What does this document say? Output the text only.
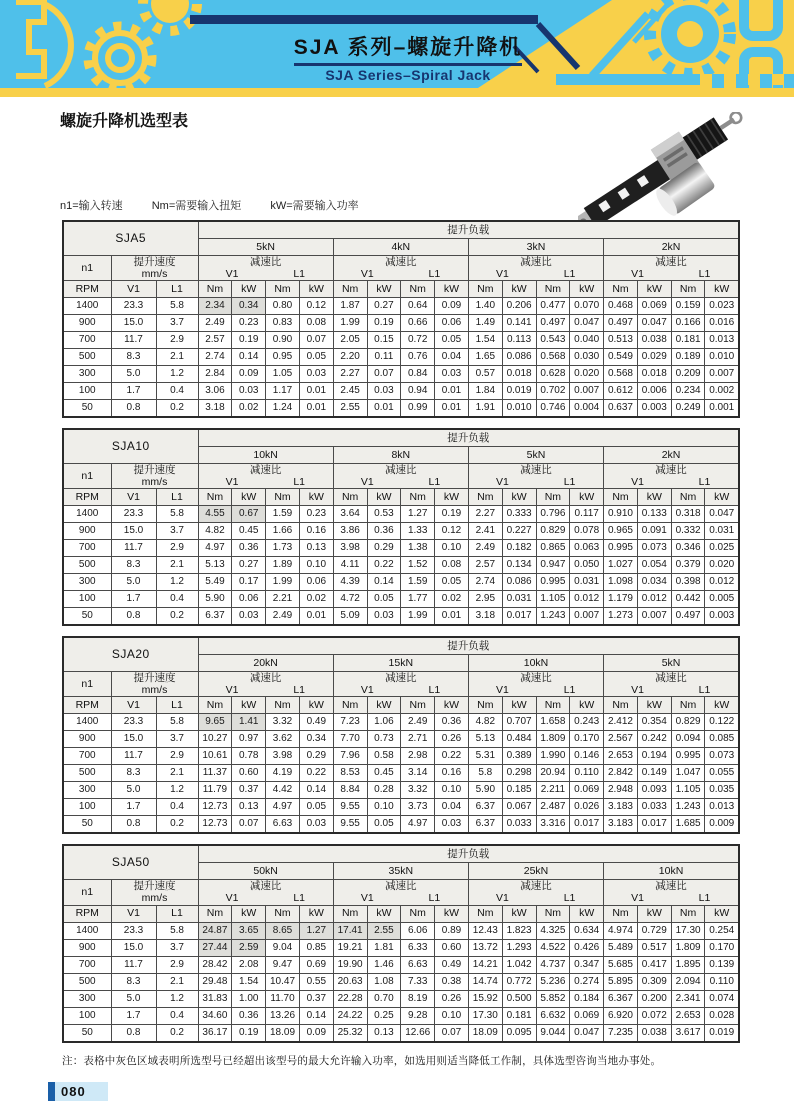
SJA 系列–螺旋升降机
SJA Series–Spiral Jack
螺旋升降机选型表
n1=输入转速	Nm=需要输入扭矩	kW=需要输入功率
SJA5			提升负载															
			5kN				4kN				3kN				2kN			
n1	
提升速度
mm/s

减速比
V1	L1

减速比
V1	L1

减速比
V1	L1

减速比
V1	L1

RPM	V1	L1	Nm	kW	Nm	kW	Nm	kW	Nm	kW	Nm	kW	Nm	kW	Nm	kW	Nm	kW
1400	23.3	5.8	2.34	0.34	0.80	0.12	1.87	0.27	0.64	0.09	1.40	0.206	0.477	0.070	0.468	0.069	0.159	0.023
900	15.0	3.7	2.49	0.23	0.83	0.08	1.99	0.19	0.66	0.06	1.49	0.141	0.497	0.047	0.497	0.047	0.166	0.016
700	11.7	2.9	2.57	0.19	0.90	0.07	2.05	0.15	0.72	0.05	1.54	0.113	0.543	0.040	0.513	0.038	0.181	0.013
500	8.3	2.1	2.74	0.14	0.95	0.05	2.20	0.11	0.76	0.04	1.65	0.086	0.568	0.030	0.549	0.029	0.189	0.010
300	5.0	1.2	2.84	0.09	1.05	0.03	2.27	0.07	0.84	0.03	0.57	0.018	0.628	0.020	0.568	0.018	0.209	0.007
100	1.7	0.4	3.06	0.03	1.17	0.01	2.45	0.03	0.94	0.01	1.84	0.019	0.702	0.007	0.612	0.006	0.234	0.002
50	0.8	0.2	3.18	0.02	1.24	0.01	2.55	0.01	0.99	0.01	1.91	0.010	0.746	0.004	0.637	0.003	0.249	0.001
SJA10			提升负载															
			10kN				8kN				5kN				2kN			
n1	
提升速度
mm/s

减速比
V1	L1

减速比
V1	L1

减速比
V1	L1

减速比
V1	L1

RPM	V1	L1	Nm	kW	Nm	kW	Nm	kW	Nm	kW	Nm	kW	Nm	kW	Nm	kW	Nm	kW
1400	23.3	5.8	4.55	0.67	1.59	0.23	3.64	0.53	1.27	0.19	2.27	0.333	0.796	0.117	0.910	0.133	0.318	0.047
900	15.0	3.7	4.82	0.45	1.66	0.16	3.86	0.36	1.33	0.12	2.41	0.227	0.829	0.078	0.965	0.091	0.332	0.031
700	11.7	2.9	4.97	0.36	1.73	0.13	3.98	0.29	1.38	0.10	2.49	0.182	0.865	0.063	0.995	0.073	0.346	0.025
500	8.3	2.1	5.13	0.27	1.89	0.10	4.11	0.22	1.52	0.08	2.57	0.134	0.947	0.050	1.027	0.054	0.379	0.020
300	5.0	1.2	5.49	0.17	1.99	0.06	4.39	0.14	1.59	0.05	2.74	0.086	0.995	0.031	1.098	0.034	0.398	0.012
100	1.7	0.4	5.90	0.06	2.21	0.02	4.72	0.05	1.77	0.02	2.95	0.031	1.105	0.012	1.179	0.012	0.442	0.005
50	0.8	0.2	6.37	0.03	2.49	0.01	5.09	0.03	1.99	0.01	3.18	0.017	1.243	0.007	1.273	0.007	0.497	0.003
SJA20			提升负载															
			20kN				15kN				10kN				5kN			
n1	
提升速度
mm/s

减速比
V1	L1

减速比
V1	L1

减速比
V1	L1

减速比
V1	L1

RPM	V1	L1	Nm	kW	Nm	kW	Nm	kW	Nm	kW	Nm	kW	Nm	kW	Nm	kW	Nm	kW
1400	23.3	5.8	9.65	1.41	3.32	0.49	7.23	1.06	2.49	0.36	4.82	0.707	1.658	0.243	2.412	0.354	0.829	0.122
900	15.0	3.7	10.27	0.97	3.62	0.34	7.70	0.73	2.71	0.26	5.13	0.484	1.809	0.170	2.567	0.242	0.094	0.085
700	11.7	2.9	10.61	0.78	3.98	0.29	7.96	0.58	2.98	0.22	5.31	0.389	1.990	0.146	2.653	0.194	0.995	0.073
500	8.3	2.1	11.37	0.60	4.19	0.22	8.53	0.45	3.14	0.16	5.8	0.298	20.94	0.110	2.842	0.149	1.047	0.055
300	5.0	1.2	11.79	0.37	4.42	0.14	8.84	0.28	3.32	0.10	5.90	0.185	2.211	0.069	2.948	0.093	1.105	0.035
100	1.7	0.4	12.73	0.13	4.97	0.05	9.55	0.10	3.73	0.04	6.37	0.067	2.487	0.026	3.183	0.033	1.243	0.013
50	0.8	0.2	12.73	0.07	6.63	0.03	9.55	0.05	4.97	0.03	6.37	0.033	3.316	0.017	3.183	0.017	1.685	0.009
SJA50			提升负载															
			50kN				35kN				25kN				10kN			
n1	
提升速度
mm/s

减速比
V1	L1

减速比
V1	L1

减速比
V1	L1

减速比
V1	L1

RPM	V1	L1	Nm	kW	Nm	kW	Nm	kW	Nm	kW	Nm	kW	Nm	kW	Nm	kW	Nm	kW
1400	23.3	5.8	24.87	3.65	8.65	1.27	17.41	2.55	6.06	0.89	12.43	1.823	4.325	0.634	4.974	0.729	17.30	0.254
900	15.0	3.7	27.44	2.59	9.04	0.85	19.21	1.81	6.33	0.60	13.72	1.293	4.522	0.426	5.489	0.517	1.809	0.170
700	11.7	2.9	28.42	2.08	9.47	0.69	19.90	1.46	6.63	0.49	14.21	1.042	4.737	0.347	5.685	0.417	1.895	0.139
500	8.3	2.1	29.48	1.54	10.47	0.55	20.63	1.08	7.33	0.38	14.74	0.772	5.236	0.274	5.895	0.309	2.094	0.110
300	5.0	1.2	31.83	1.00	11.70	0.37	22.28	0.70	8.19	0.26	15.92	0.500	5.852	0.184	6.367	0.200	2.341	0.074
100	1.7	0.4	34.60	0.36	13.26	0.14	24.22	0.25	9.28	0.10	17.30	0.181	6.632	0.069	6.920	0.072	2.653	0.028
50	0.8	0.2	36.17	0.19	18.09	0.09	25.32	0.13	12.66	0.07	18.09	0.095	9.044	0.047	7.235	0.038	3.617	0.019
注：表格中灰色区域表明所选型号已经超出该型号的最大允许输入功率，如选用则适当降低工作制，具体选型咨询当地办事处。
080
